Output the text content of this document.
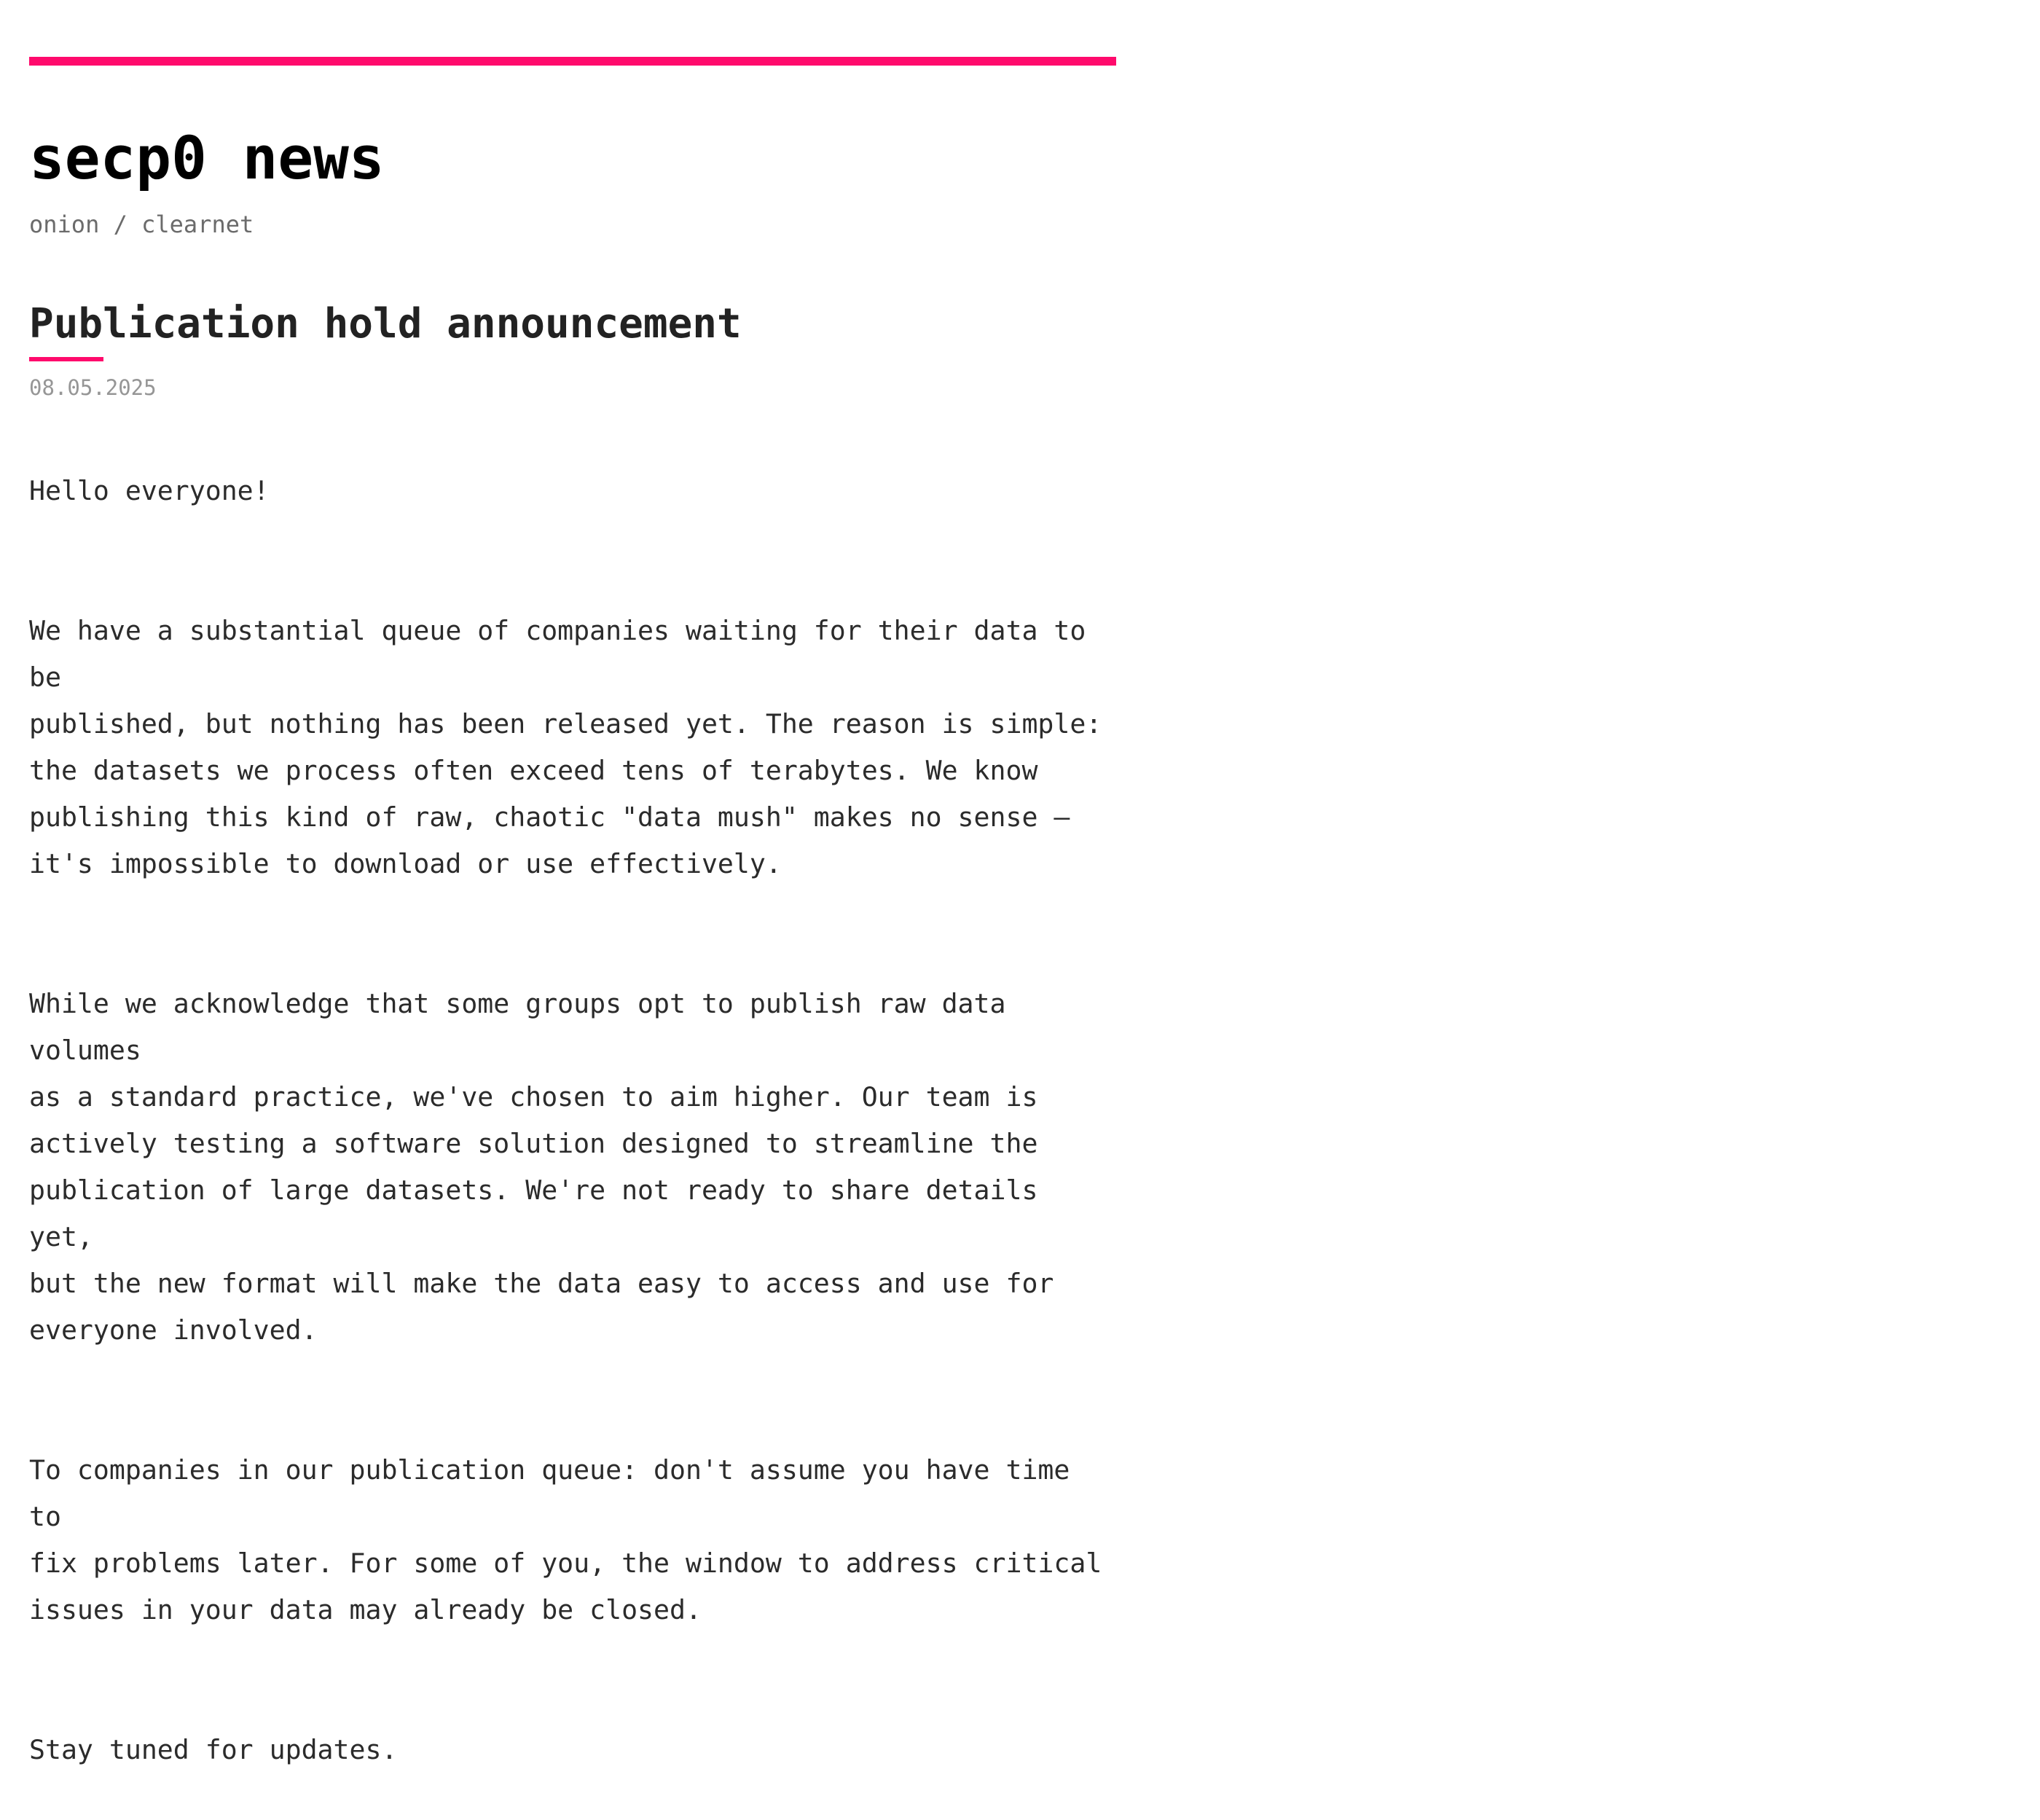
secp0 news
onion / clearnet
Publication hold announcement
08.05.2025

Hello everyone!

We have a substantial queue of companies waiting for their data to be
published, but nothing has been released yet. The reason is simple:
the datasets we process often exceed tens of terabytes. We know
publishing this kind of raw, chaotic "data mush" makes no sense –
it's impossible to download or use effectively.

While we acknowledge that some groups opt to publish raw data volumes
as a standard practice, we've chosen to aim higher. Our team is
actively testing a software solution designed to streamline the
publication of large datasets. We're not ready to share details yet,
but the new format will make the data easy to access and use for
everyone involved.

To companies in our publication queue: don't assume you have time to
fix problems later. For some of you, the window to address critical
issues in your data may already be closed.

Stay tuned for updates.
